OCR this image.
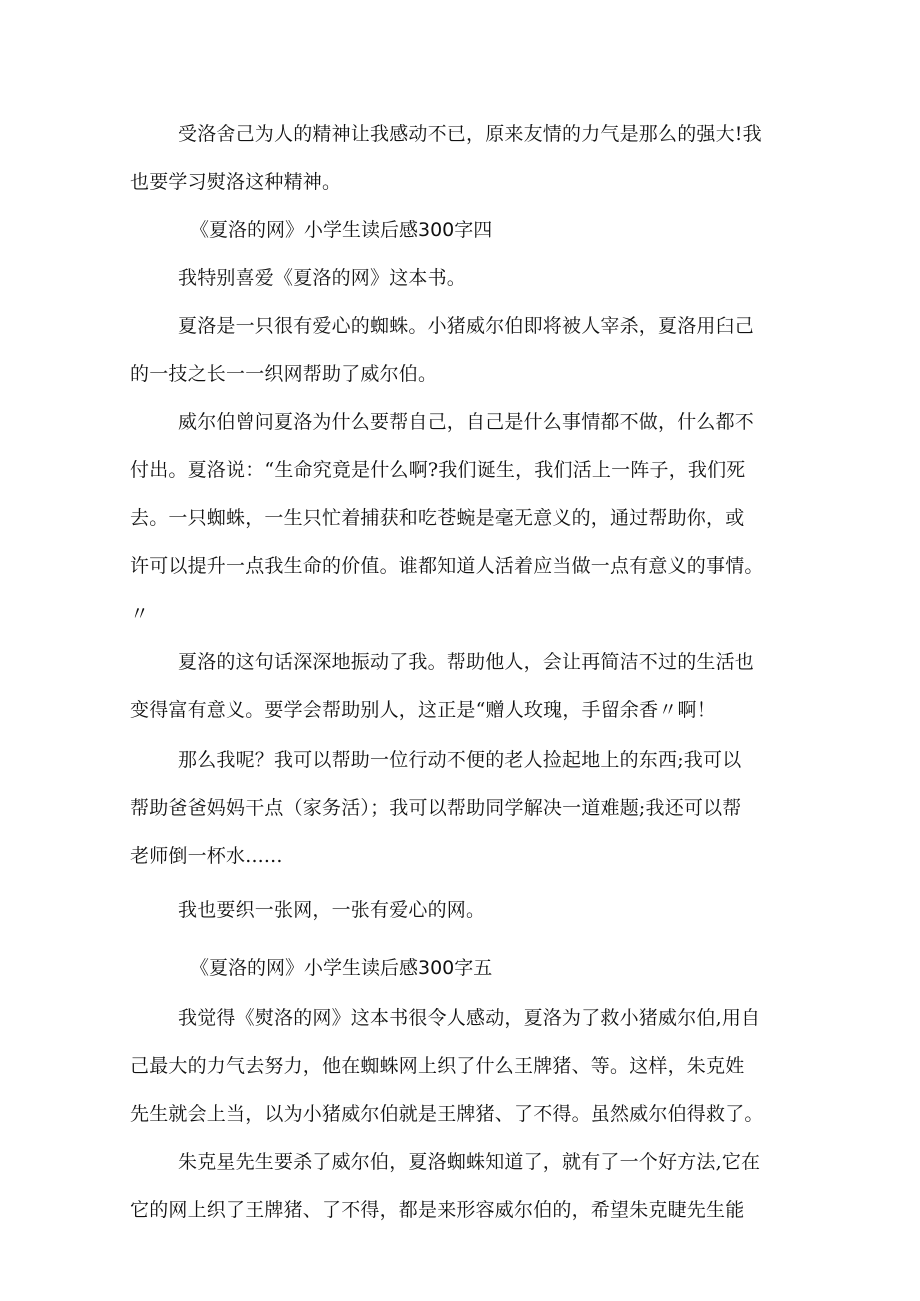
受洛舍己为人的精神让我感动不已，原来友情的力气是那么的强大!我
也要学习熨洛这种精神。

《夏洛的网》小学生读后感300字四

我特别喜爱《夏洛的网》这本书。

夏洛是一只很有爱心的蜘蛛。小猪威尔伯即将被人宰杀，夏洛用臼己
的一技之长一一织网帮助了威尔伯。

威尔伯曾问夏洛为什么要帮自己，自己是什么事情都不做，什么都不
付出。夏洛说：“生命究竟是什么啊?我们诞生，我们活上一阵子，我们死
去。一只蜘蛛，一生只忙着捕获和吃苍蜿是毫无意义的，通过帮助你，或
许可以提升一点我生命的价值。谁都知道人活着应当做一点有意义的事情。
〃

夏洛的这句话深深地振动了我。帮助他人，会让再简洁不过的生活也
变得富有意义。要学会帮助别人，这正是“赠人玫瑰，手留余香〃啊！

那么我呢？我可以帮助一位行动不便的老人捡起地上的东西;我可以
帮助爸爸妈妈干点（家务活）；我可以帮助同学解决一道难题;我还可以帮
老师倒一杯水......

我也要织一张网，一张有爱心的网。

《夏洛的网》小学生读后感300字五

我觉得《熨洛的网》这本书很令人感动，夏洛为了救小猪威尔伯,用自
己最大的力气去努力，他在蜘蛛网上织了什么王牌猪、等。这样，朱克姓
先生就会上当，以为小猪威尔伯就是王牌猪、了不得。虽然威尔伯得救了。

朱克星先生要杀了威尔伯，夏洛蜘蛛知道了，就有了一个好方法,它在
它的网上织了王牌猪、了不得，都是来形容威尔伯的，希望朱克睫先生能
